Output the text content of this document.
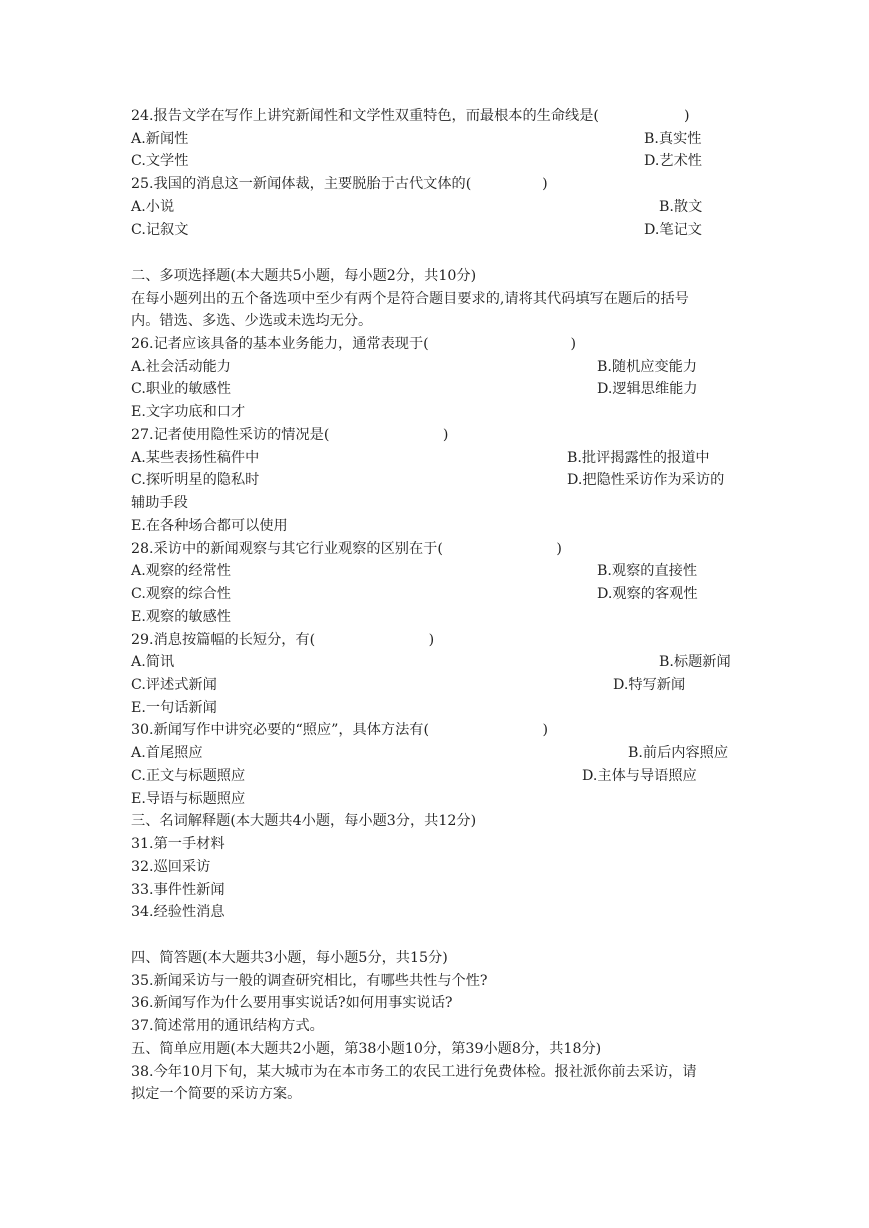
24.报告文学在写作上讲究新闻性和文学性双重特色，而最根本的生命线是(　　　　　　)
A.新闻性	B.真实性
C.文学性	D.艺术性
25.我国的消息这一新闻体裁，主要脱胎于古代文体的(　　　　　)
A.小说	B.散文
C.记叙文	D.笔记文
二、多项选择题(本大题共5小题，每小题2分，共10分)
在每小题列出的五个备选项中至少有两个是符合题目要求的,请将其代码填写在题后的括号
内。错选、多选、少选或未选均无分。
26.记者应该具备的基本业务能力，通常表现于(　　　　　　　　　　)
A.社会活动能力	B.随机应变能力
C.职业的敏感性	D.逻辑思维能力
E.文字功底和口才
27.记者使用隐性采访的情况是(　　　　　　　　)
A.某些表扬性稿件中	B.批评揭露性的报道中
C.探听明星的隐私时	D.把隐性采访作为采访的
辅助手段
E.在各种场合都可以使用
28.采访中的新闻观察与其它行业观察的区别在于(　　　　　　　　)
A.观察的经常性	B.观察的直接性
C.观察的综合性	D.观察的客观性
E.观察的敏感性
29.消息按篇幅的长短分，有(　　　　　　　　)
A.简讯	B.标题新闻
C.评述式新闻	D.特写新闻
E.一句话新闻
30.新闻写作中讲究必要的“照应”，具体方法有(　　　　　　　　)
A.首尾照应	B.前后内容照应
C.正文与标题照应	D.主体与导语照应
E.导语与标题照应
三、名词解释题(本大题共4小题，每小题3分，共12分)
31.第一手材料
32.巡回采访
33.事件性新闻
34.经验性消息
四、简答题(本大题共3小题，每小题5分，共15分)
35.新闻采访与一般的调查研究相比，有哪些共性与个性?
36.新闻写作为什么要用事实说话?如何用事实说话?
37.简述常用的通讯结构方式。
五、简单应用题(本大题共2小题，第38小题10分，第39小题8分，共18分)
38.今年10月下旬，某大城市为在本市务工的农民工进行免费体检。报社派你前去采访，请
拟定一个简要的采访方案。
